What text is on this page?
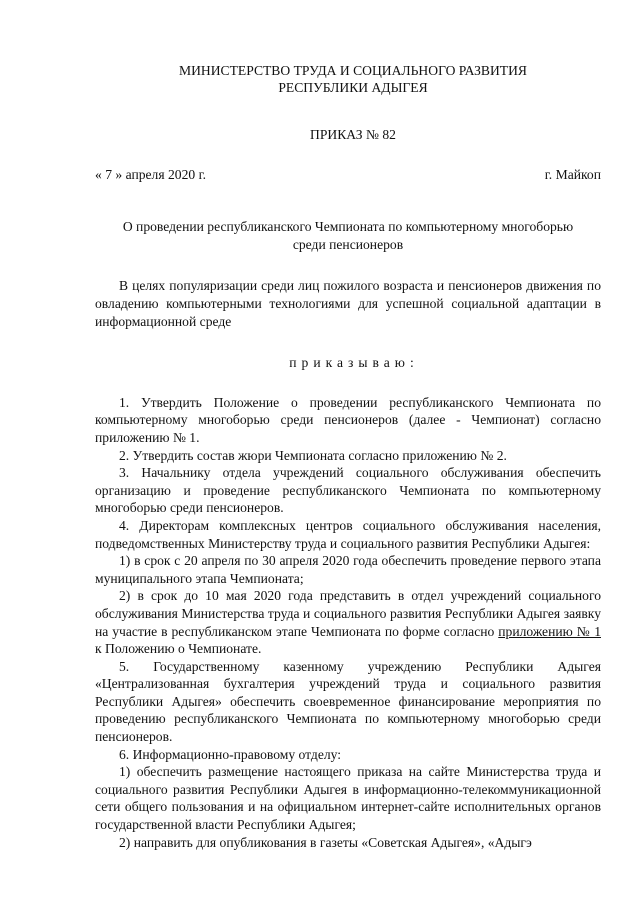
МИНИСТЕРСТВО ТРУДА И СОЦИАЛЬНОГО РАЗВИТИЯ
РЕСПУБЛИКИ АДЫГЕЯ
ПРИКАЗ № 82
« 7 » апреля 2020 г.	г. Майкоп
О проведении республиканского Чемпионата по компьютерному многоборью
среди пенсионеров
В целях популяризации среди лиц пожилого возраста и пенсионеров движения по овладению компьютерными технологиями для успешной социальной адаптации в информационной среде
приказываю:
1. Утвердить Положение о проведении республиканского Чемпионата по компьютерному многоборью среди пенсионеров (далее - Чемпионат) согласно приложению № 1.
2. Утвердить состав жюри Чемпионата согласно приложению № 2.
3. Начальнику отдела учреждений социального обслуживания обеспечить организацию и проведение республиканского Чемпионата по компьютерному многоборью среди пенсионеров.
4. Директорам комплексных центров социального обслуживания населения, подведомственных Министерству труда и социального развития Республики Адыгея:
1) в срок с 20 апреля по 30 апреля 2020 года обеспечить проведение первого этапа муниципального этапа Чемпионата;
2) в срок до 10 мая 2020 года представить в отдел учреждений социального обслуживания Министерства труда и социального развития Республики Адыгея заявку на участие в республиканском этапе Чемпионата по форме согласно приложению № 1 к Положению о Чемпионате.
5. Государственному казенному учреждению Республики Адыгея «Централизованная бухгалтерия учреждений труда и социального развития Республики Адыгея» обеспечить своевременное финансирование мероприятия по проведению республиканского Чемпионата по компьютерному многоборью среди пенсионеров.
6. Информационно-правовому отделу:
1) обеспечить размещение настоящего приказа на сайте Министерства труда и социального развития Республики Адыгея в информационно-телекоммуникационной сети общего пользования и на официальном интернет-сайте исполнительных органов государственной власти Республики Адыгея;
2) направить для опубликования в газеты «Советская Адыгея», «Адыгэ
